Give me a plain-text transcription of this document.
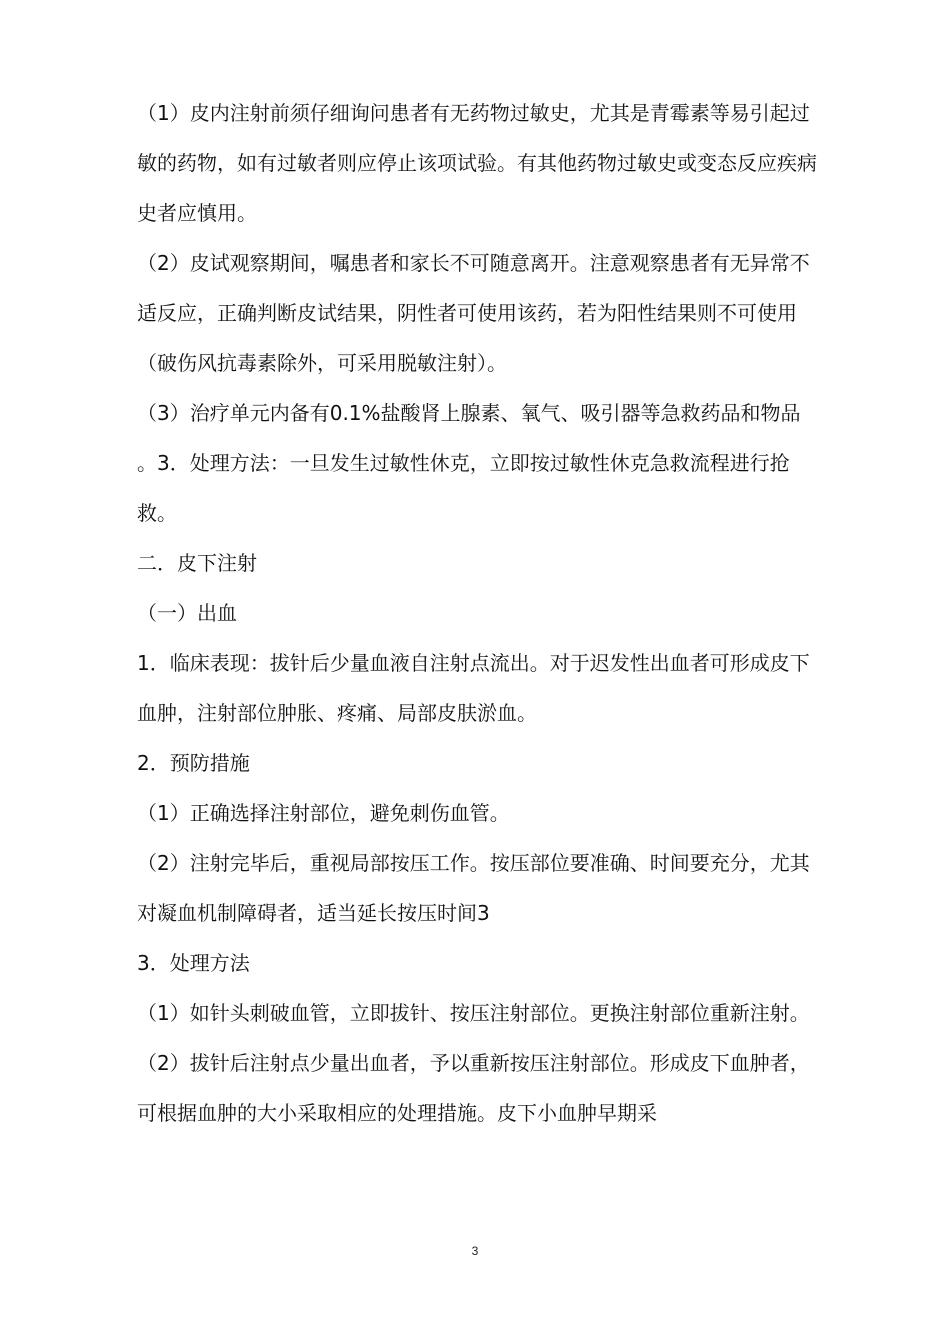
（1）皮内注射前须仔细询问患者有无药物过敏史，尤其是青霉素等易引起过敏的药物，如有过敏者则应停止该项试验。有其他药物过敏史或变态反应疾病史者应慎用。

（2）皮试观察期间，嘱患者和家长不可随意离开。注意观察患者有无异常不适反应，正确判断皮试结果，阴性者可使用该药，若为阳性结果则不可使用（破伤风抗毒素除外，可采用脱敏注射）。

（3）治疗单元内备有0.1%盐酸肾上腺素、氧气、吸引器等急救药品和物品

。3．处理方法：一旦发生过敏性休克，立即按过敏性休克急救流程进行抢救。

二．皮下注射

（一）出血

1．临床表现：拔针后少量血液自注射点流出。对于迟发性出血者可形成皮下血肿，注射部位肿胀、疼痛、局部皮肤淤血。

2．预防措施

（1）正确选择注射部位，避免刺伤血管。

（2）注射完毕后，重视局部按压工作。按压部位要准确、时间要充分，尤其对凝血机制障碍者，适当延长按压时间3

3．处理方法

（1）如针头刺破血管，立即拔针、按压注射部位。更换注射部位重新注射。

（2）拔针后注射点少量出血者，予以重新按压注射部位。形成皮下血肿者，可根据血肿的大小采取相应的处理措施。皮下小血肿早期采

3
